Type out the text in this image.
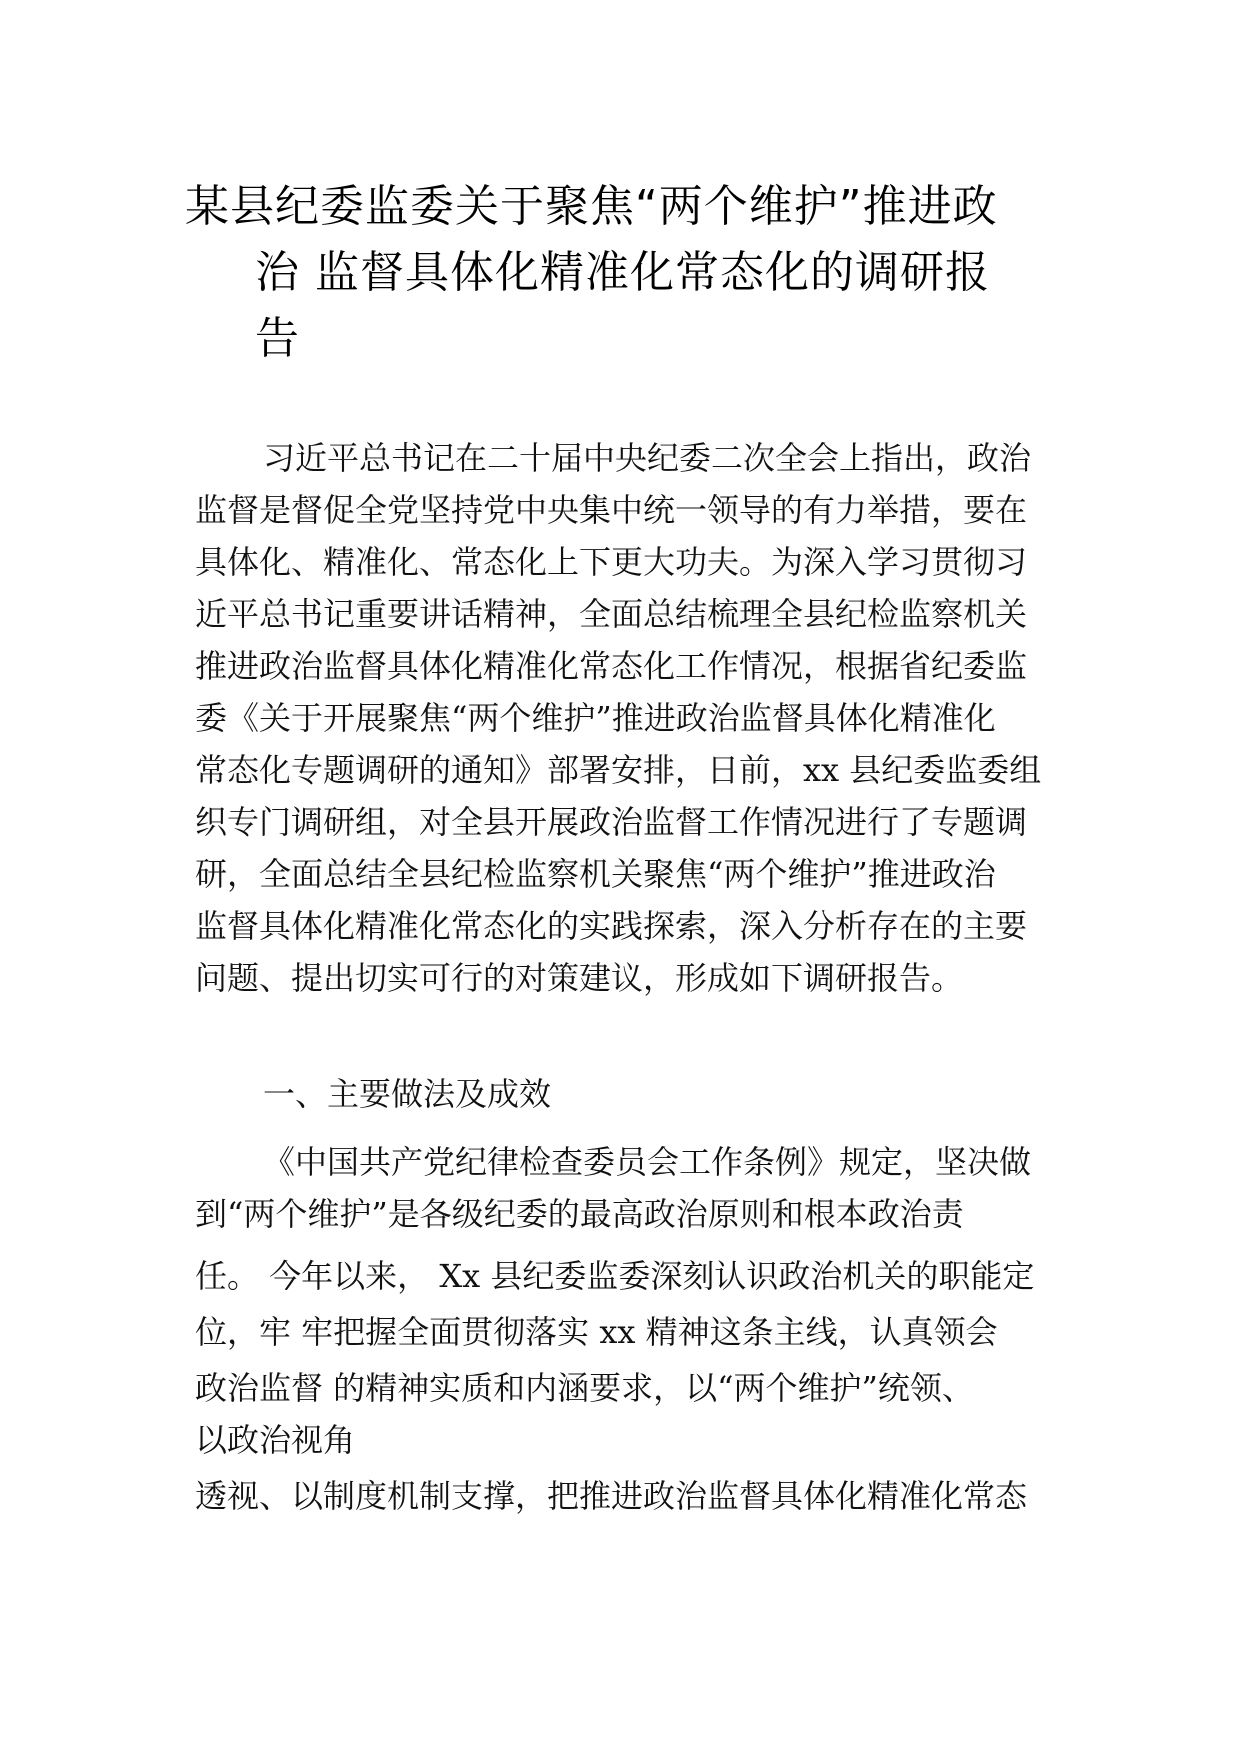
某县纪委监委关于聚焦“两个维护”推进政
治 监督具体化精准化常态化的调研报
告
习近平总书记在二十届中央纪委二次全会上指出，政治
监督是督促全党坚持党中央集中统一领导的有力举措，要在
具体化、精准化、常态化上下更大功夫。为深入学习贯彻习
近平总书记重要讲话精神，全面总结梳理全县纪检监察机关
推进政治监督具体化精准化常态化工作情况，根据省纪委监
委《关于开展聚焦“两个维护”推进政治监督具体化精准化
常态化专题调研的通知》部署安排，日前，xx 县纪委监委组
织专门调研组，对全县开展政治监督工作情况进行了专题调
研，全面总结全县纪检监察机关聚焦“两个维护”推进政治
监督具体化精准化常态化的实践探索，深入分析存在的主要
问题、提出切实可行的对策建议，形成如下调研报告。
一、主要做法及成效
《中国共产党纪律检查委员会工作条例》规定，坚决做
到“两个维护”是各级纪委的最高政治原则和根本政治责
任。 今年以来， Xx 县纪委监委深刻认识政治机关的职能定
位，牢 牢把握全面贯彻落实 xx 精神这条主线，认真领会
政治监督 的精神实质和内涵要求，以“两个维护”统领、
以政治视角
透视、以制度机制支撑，把推进政治监督具体化精准化常态
